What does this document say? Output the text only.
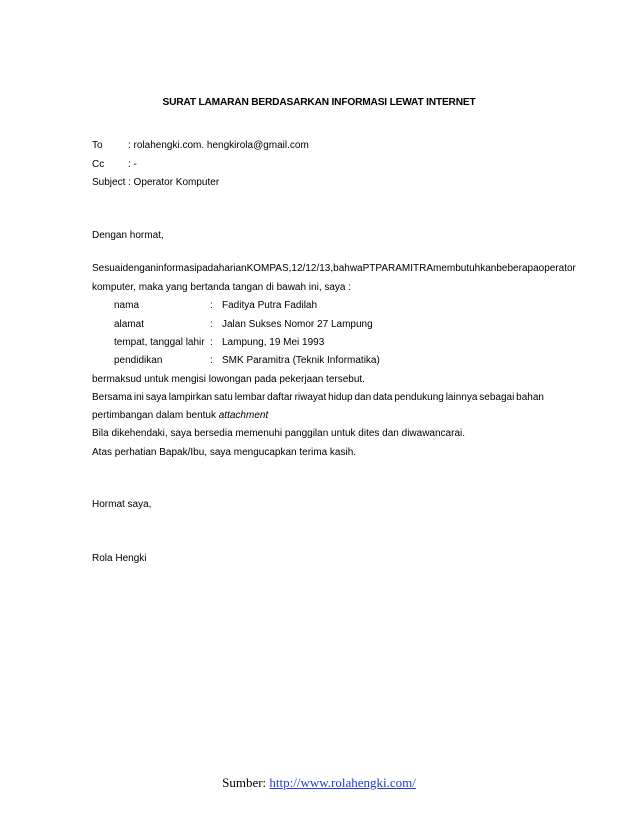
SURAT LAMARAN BERDASARKAN INFORMASI LEWAT INTERNET
To	: rolahengki.com. hengkirola@gmail.com
Cc : -
Subject : Operator Komputer
Dengan hormat,
Sesuai dengan informasi pada harian KOMPAS, 12/12/13, bahwa PT PARAMITRA membutuhkan beberapa operator
komputer, maka yang bertanda tangan di bawah ini, saya :
nama	: Faditya Putra Fadilah
alamat	: Jalan Sukses Nomor 27 Lampung
tempat, tanggal lahir : Lampung, 19 Mei 1993
pendidikan	: SMK Paramitra (Teknik Informatika)
bermaksud untuk mengisi lowongan pada pekerjaan tersebut.
Bersama ini saya lampirkan satu lembar daftar riwayat hidup dan data pendukung lainnya sebagai bahan
pertimbangan dalam bentuk attachment
Bila dikehendaki, saya bersedia memenuhi panggilan untuk dites dan diwawancarai.
Atas perhatian Bapak/Ibu, saya mengucapkan terima kasih.
Hormat saya,
Rola Hengki
Sumber: http://www.rolahengki.com/
